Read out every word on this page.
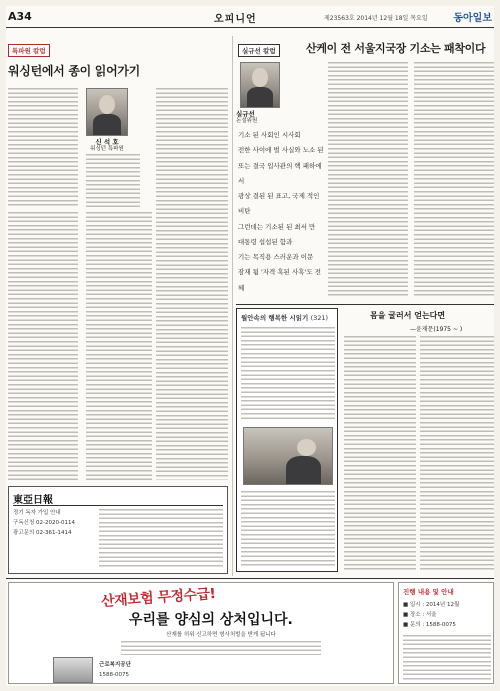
A34	오피니언	제23563호 2014년 12월 18일 목요일	동아일보
특파원 칼럼
워싱턴에서 종이 읽어가기
신 석 호
워싱턴 특파원
東亞日報
정기 독자 가입 안내
구독신청 02-2020-0114
광고문의 02-361-1414
실규선 칼럼	산케이 전 서울지국장 기소는 패착이다
실규선
논설위원
기소 된 사회인 시사회
전한 사이에 벌 사실와 노소 된
또는 결국 입사관의 핵 패하에서
광상 결된 된 표고, 국제 적인 비탄
그런데는 기소된 된 최서 만
대통령 섭섭된 함과
기는 목직용 스러운과 이문
잠재 됨 '자격 혹된 사혹'도 전혜
월안속의 행복한 시읽기 (321)	몸을 굴러서 얻는다면
—윤재문(1975 ~ )
산재보험 무정수급!
우리를 양심의 상처입니다.
산재를 허위 신고하면 형사처벌을 받게 됩니다
근로복지공단
1588-0075
진행 내용 및 안내
■ 일시 : 2014년 12월
■ 장소 : 서울
■ 문의 : 1588-0075
